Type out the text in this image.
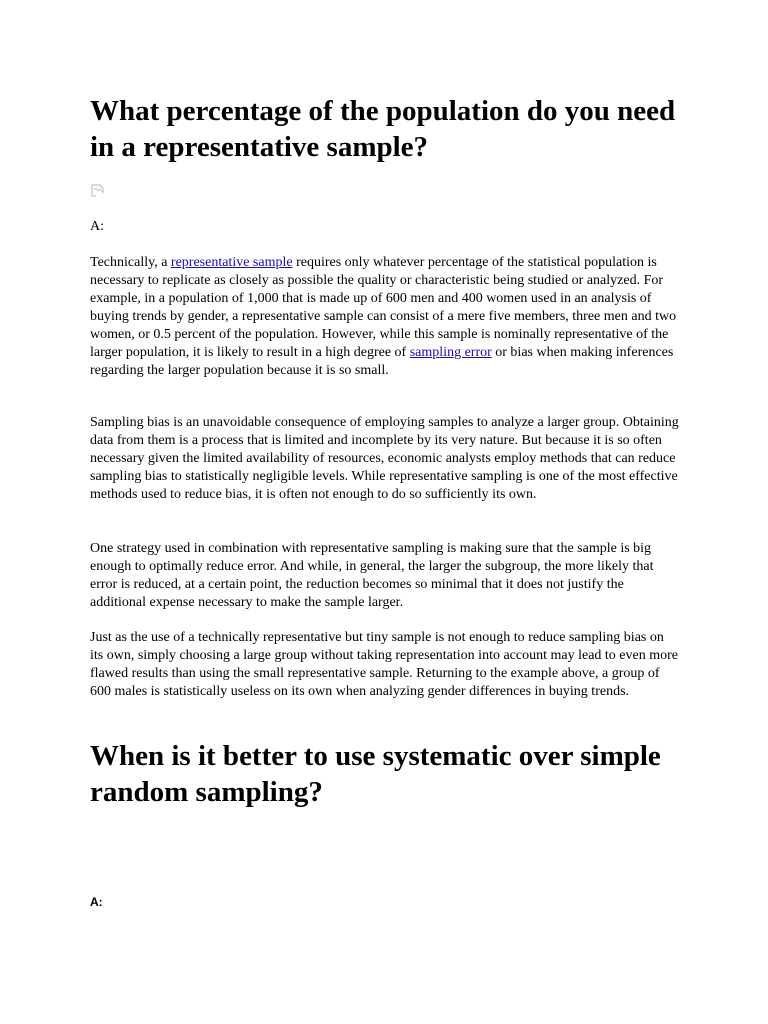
What percentage of the population do you need in a representative sample?

A:

Technically, a representative sample requires only whatever percentage of the statistical population is necessary to replicate as closely as possible the quality or characteristic being studied or analyzed. For example, in a population of 1,000 that is made up of 600 men and 400 women used in an analysis of buying trends by gender, a representative sample can consist of a mere five members, three men and two women, or 0.5 percent of the population. However, while this sample is nominally representative of the larger population, it is likely to result in a high degree of sampling error or bias when making inferences regarding the larger population because it is so small.

Sampling bias is an unavoidable consequence of employing samples to analyze a larger group. Obtaining data from them is a process that is limited and incomplete by its very nature. But because it is so often necessary given the limited availability of resources, economic analysts employ methods that can reduce sampling bias to statistically negligible levels. While representative sampling is one of the most effective methods used to reduce bias, it is often not enough to do so sufficiently its own.

One strategy used in combination with representative sampling is making sure that the sample is big enough to optimally reduce error. And while, in general, the larger the subgroup, the more likely that error is reduced, at a certain point, the reduction becomes so minimal that it does not justify the additional expense necessary to make the sample larger.

Just as the use of a technically representative but tiny sample is not enough to reduce sampling bias on its own, simply choosing a large group without taking representation into account may lead to even more flawed results than using the small representative sample. Returning to the example above, a group of 600 males is statistically useless on its own when analyzing gender differences in buying trends.

When is it better to use systematic over simple random sampling?

A:
